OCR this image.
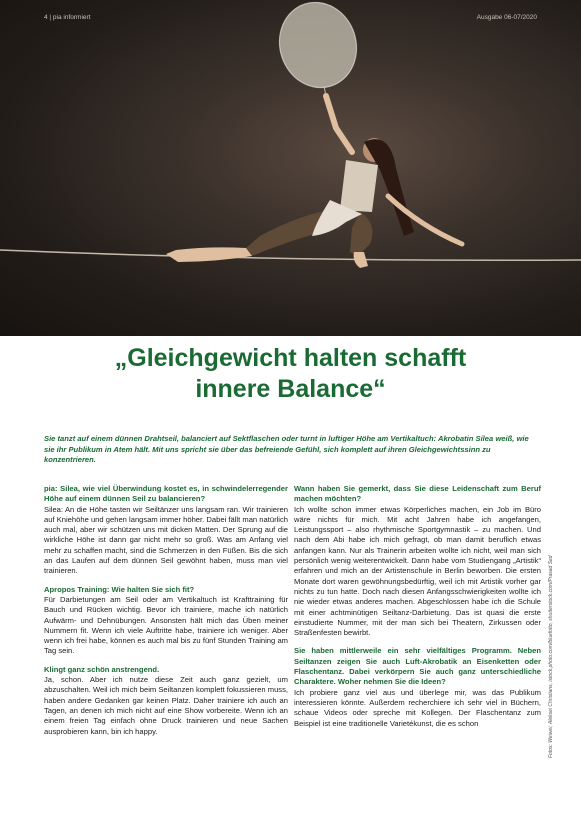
4 | pia informiert	Ausgabe 06-07/2020
„Gleichgewicht halten schafft
innere Balance“

Sie tanzt auf einem dünnen Drahtseil, balanciert auf Sektflaschen oder turnt in luftiger Höhe am Vertikaltuch: Akrobatin Silea weiß, wie sie ihr Publikum in Atem hält. Mit uns spricht sie über das befreiende Gefühl, sich komplett auf ihren Gleichgewichtssinn zu konzentrieren.

pia: Silea, wie viel Überwindung kostet es, in schwindelerregender Höhe auf einem dünnen Seil zu balancieren?

Silea: An die Höhe tasten wir Seiltänzer uns langsam ran. Wir trainieren auf Kniehöhe und gehen langsam immer höher. Dabei fällt man natürlich auch mal, aber wir schützen uns mit dicken Matten. Der Sprung auf die wirkliche Höhe ist dann gar nicht mehr so groß. Was am Anfang viel mehr zu schaffen macht, sind die Schmerzen in den Füßen. Bis die sich an das Laufen auf dem dünnen Seil gewöhnt haben, muss man viel trainieren.

Apropos Training: Wie halten Sie sich fit?

Für Darbietungen am Seil oder am Vertikaltuch ist Krafttraining für Bauch und Rücken wichtig. Bevor ich trainiere, mache ich natürlich Aufwärm- und Dehnübungen. Ansonsten hält mich das Üben meiner Nummern fit. Wenn ich viele Auftritte habe, trainiere ich weniger. Aber wenn ich frei habe, können es auch mal bis zu fünf Stunden Training am Tag sein.

Klingt ganz schön anstrengend.

Ja, schon. Aber ich nutze diese Zeit auch ganz gezielt, um abzuschalten. Weil ich mich beim Seiltanzen komplett fokussieren muss, haben andere Gedanken gar keinen Platz. Daher trainiere ich auch an Tagen, an denen ich mich nicht auf eine Show vorbereite. Wenn ich an einem freien Tag einfach ohne Druck trainieren und neue Sachen ausprobieren kann, bin ich happy.

Wann haben Sie gemerkt, dass Sie diese Leidenschaft zum Beruf machen möchten?

Ich wollte schon immer etwas Körperliches machen, ein Job im Büro wäre nichts für mich. Mit acht Jahren habe ich angefangen, Leistungssport – also rhythmische Sportgymnastik – zu machen. Und nach dem Abi habe ich mich gefragt, ob man damit beruflich etwas anfangen kann. Nur als Trainerin arbeiten wollte ich nicht, weil man sich persönlich wenig weiterentwickelt. Dann habe vom Studiengang „Artistik“ erfahren und mich an der Artistenschule in Berlin beworben. Die ersten Monate dort waren gewöhnungsbedürftig, weil ich mit Artistik vorher gar nichts zu tun hatte. Doch nach diesen Anfangsschwierigkeiten wollte ich nie wieder etwas anderes machen. Abgeschlossen habe ich die Schule mit einer achtminütigen Seiltanz-Darbietung. Das ist quasi die erste einstudierte Nummer, mit der man sich bei Theatern, Zirkussen oder Straßenfesten bewirbt.

Sie haben mittlerweile ein sehr vielfältiges Programm. Neben Seiltanzen zeigen Sie auch Luft-Akrobatik an Eisenketten oder Flaschentanz. Dabei verkörpern Sie auch ganz unterschiedliche Charaktere. Woher nehmen Sie die Ideen?

Ich probiere ganz viel aus und überlege mir, was das Publikum interessieren könnte. Außerdem recherchiere ich sehr viel in Büchern, schaue Videos oder spreche mit Kollegen. Der Flaschentanz zum Beispiel ist eine traditionelle Varietékunst, die es schon	Fotos: Weiwei, Aleksei Christians, istock.photo.com/bluefotto, shutterstock.com/Prasad Sed
